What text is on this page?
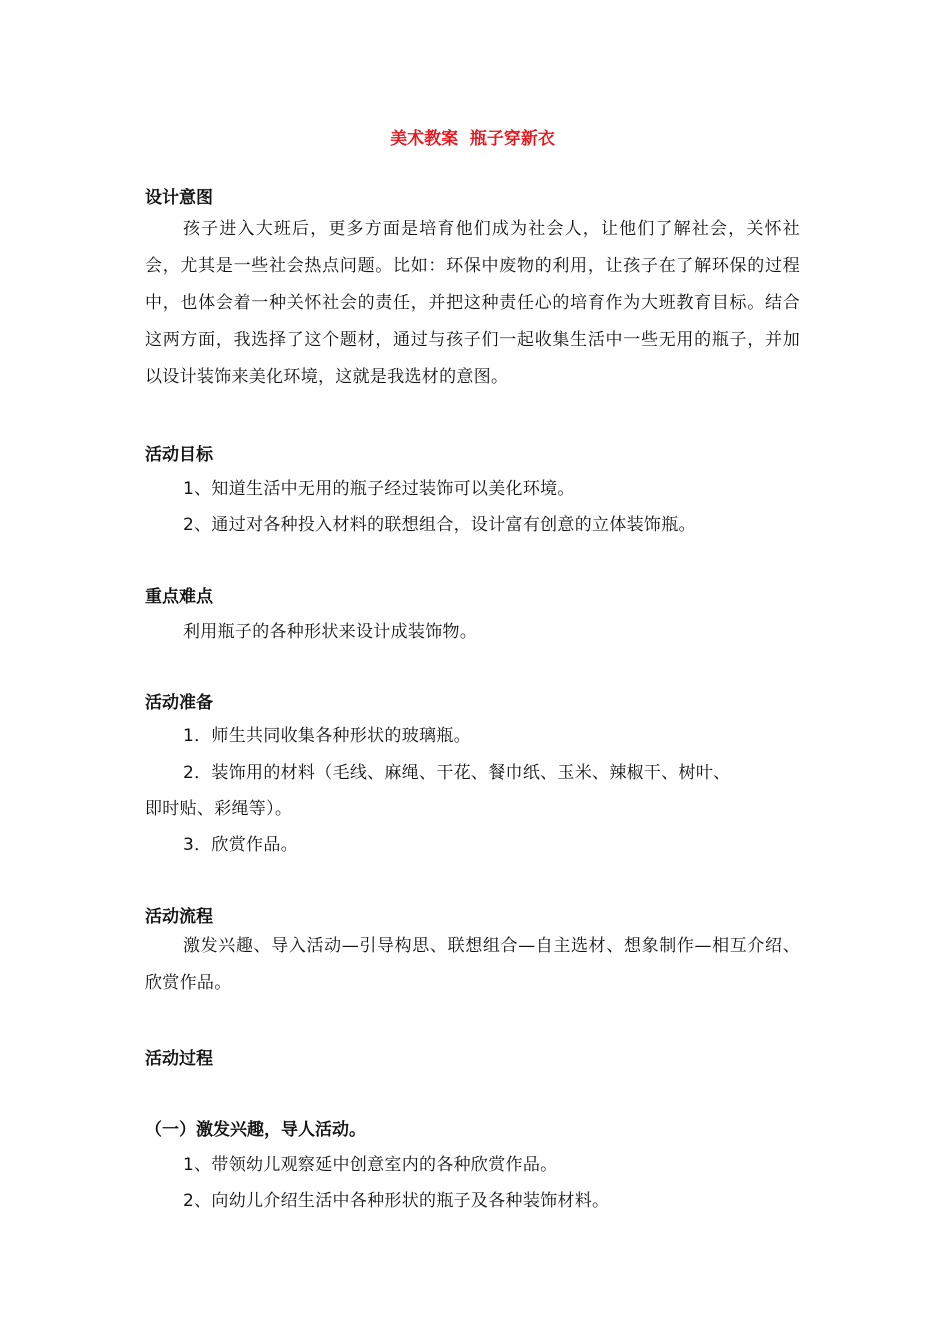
美术教案  瓶子穿新衣
设计意图
孩子进入大班后，更多方面是培育他们成为社会人，让他们了解社会，关怀社会，尤其是一些社会热点问题。比如：环保中废物的利用，让孩子在了解环保的过程中，也体会着一种关怀社会的责任，并把这种责任心的培育作为大班教育目标。结合这两方面，我选择了这个题材，通过与孩子们一起收集生活中一些无用的瓶子，并加以设计装饰来美化环境，这就是我选材的意图。
活动目标
1、知道生活中无用的瓶子经过装饰可以美化环境。
2、通过对各种投入材料的联想组合，设计富有创意的立体装饰瓶。
重点难点
利用瓶子的各种形状来设计成装饰物。
活动准备
1．师生共同收集各种形状的玻璃瓶。
2．装饰用的材料（毛线、麻绳、干花、餐巾纸、玉米、辣椒干、树叶、
即时贴、彩绳等）。
3．欣赏作品。
活动流程
激发兴趣、导入活动—引导构思、联想组合—自主选材、想象制作—相互介绍、欣赏作品。
活动过程
（一）激发兴趣，导人活动。
1、带领幼儿观察延中创意室内的各种欣赏作品。
2、向幼儿介绍生活中各种形状的瓶子及各种装饰材料。
